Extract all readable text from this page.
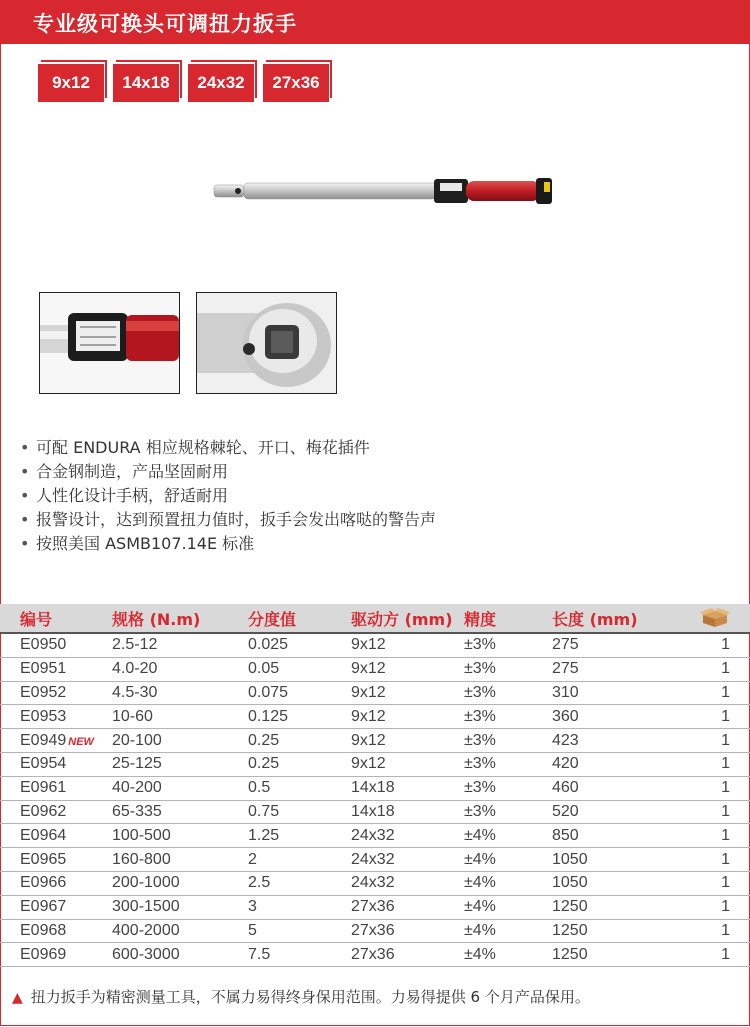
专业级可换头可调扭力扳手
9x12	14x18	24x32	27x36
• 可配 ENDURA 相应规格棘轮、开口、梅花插件
• 合金钢制造，产品坚固耐用
• 人性化设计手柄，舒适耐用
• 报警设计，达到预置扭力值时，扳手会发出喀哒的警告声
• 按照美国 ASMB107.14E 标准
编号	规格 (N.m)	分度值	驱动方 (mm)	精度	长度 (mm)	
E0950	2.5-12	0.025	9x12	±3%	275	1
E0951	4.0-20	0.05	9x12	±3%	275	1
E0952	4.5-30	0.075	9x12	±3%	310	1
E0953	10-60	0.125	9x12	±3%	360	1
E0949 NEW	20-100	0.25	9x12	±3%	423	1
E0954	25-125	0.25	9x12	±3%	420	1
E0961	40-200	0.5	14x18	±3%	460	1
E0962	65-335	0.75	14x18	±3%	520	1
E0964	100-500	1.25	24x32	±4%	850	1
E0965	160-800	2	24x32	±4%	1050	1
E0966	200-1000	2.5	24x32	±4%	1050	1
E0967	300-1500	3	27x36	±4%	1250	1
E0968	400-2000	5	27x36	±4%	1250	1
E0969	600-3000	7.5	27x36	±4%	1250	1
▲ 扭力扳手为精密测量工具，不属力易得终身保用范围。力易得提供 6 个月产品保用。
